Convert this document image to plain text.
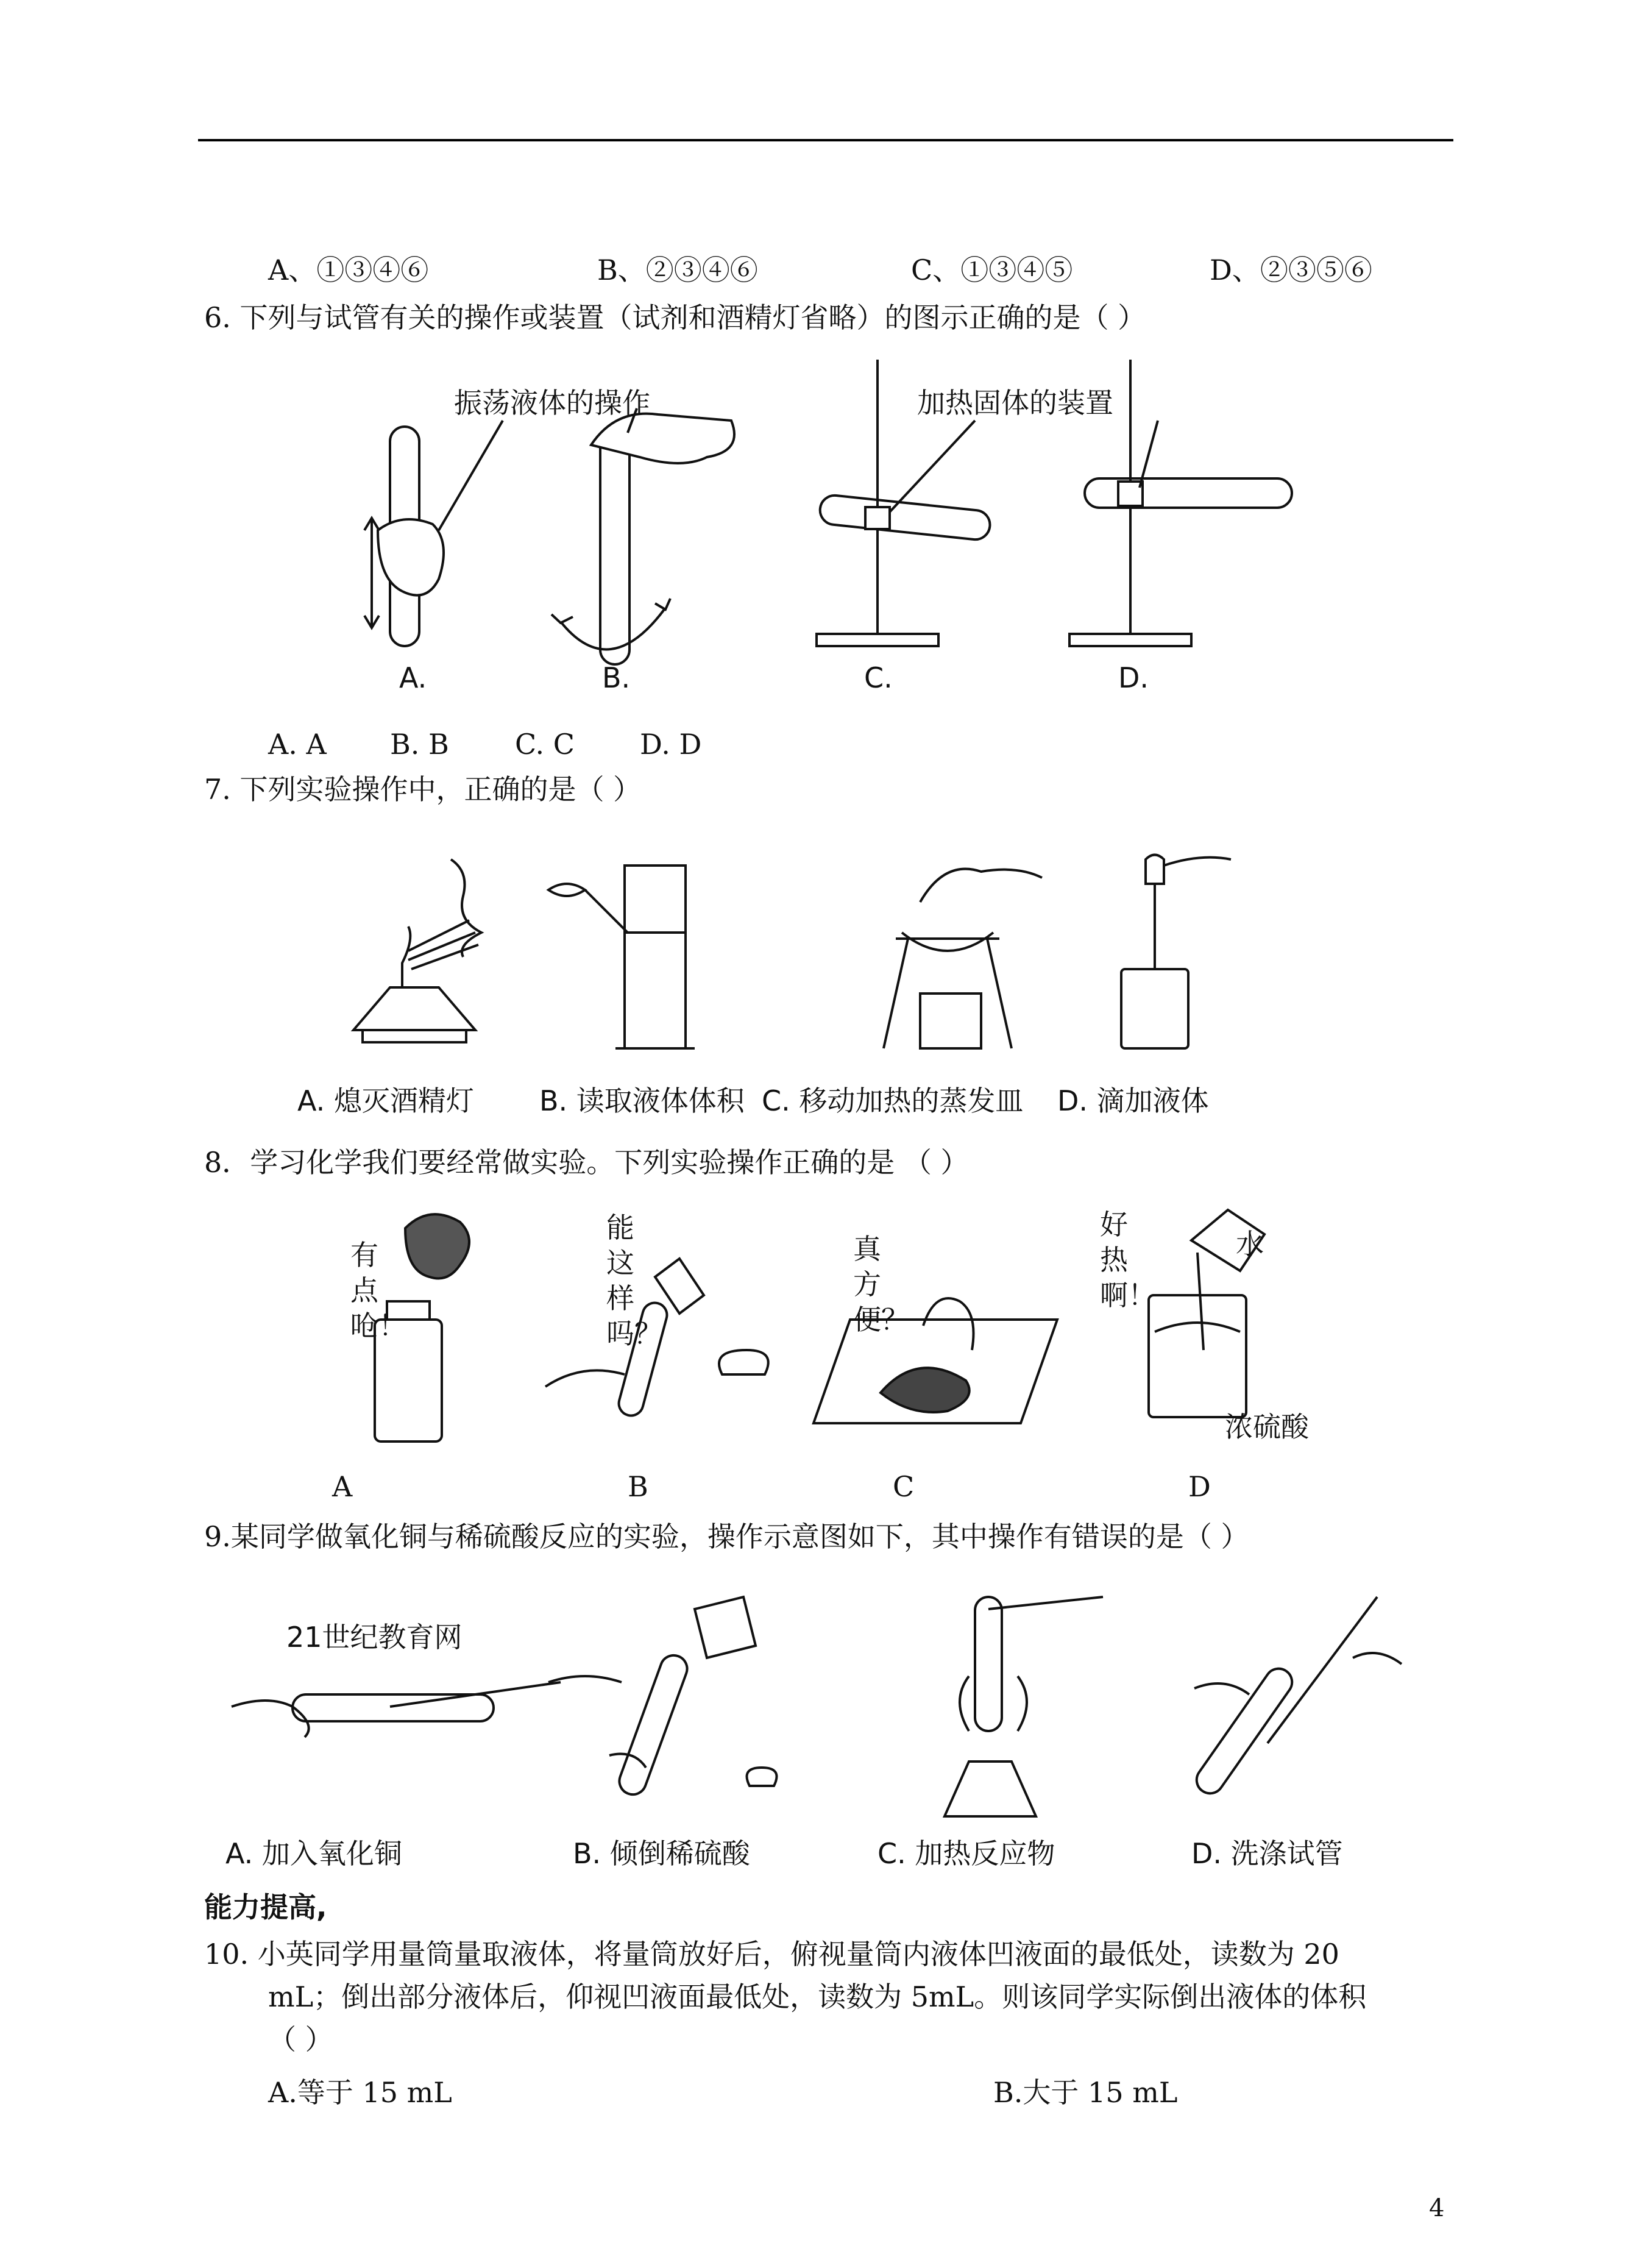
A、①③④⑥	B、②③④⑥	C、①③④⑤	D、②③⑤⑥
6. 下列与试管有关的操作或装置（试剂和酒精灯省略）的图示正确的是（ ）
振荡液体的操作	加热固体的装置
A.	B.	C.	D.
A. A B. B C. C D. D
7. 下列实验操作中，正确的是（ ）
A. 熄灭酒精灯 B. 读取液体体积 C. 移动加热的蒸发皿 D. 滴加液体
8．学习化学我们要经常做实验。下列实验操作正确的是 （ ）
有点呛！
能这样吗？
真方便？
好热啊！
水
浓硫酸
A	B	C	D
9.某同学做氧化铜与稀硫酸反应的实验，操作示意图如下，其中操作有错误的是（ ）
21世纪教育网
A. 加入氧化铜	B. 倾倒稀硫酸	C. 加热反应物	D. 洗涤试管
能力提高,
10. 小英同学用量筒量取液体，将量筒放好后，俯视量筒内液体凹液面的最低处，读数为 20
mL；倒出部分液体后，仰视凹液面最低处，读数为 5mL。则该同学实际倒出液体的体积
（ ）
A.等于 15 mL	B.大于 15 mL
4
